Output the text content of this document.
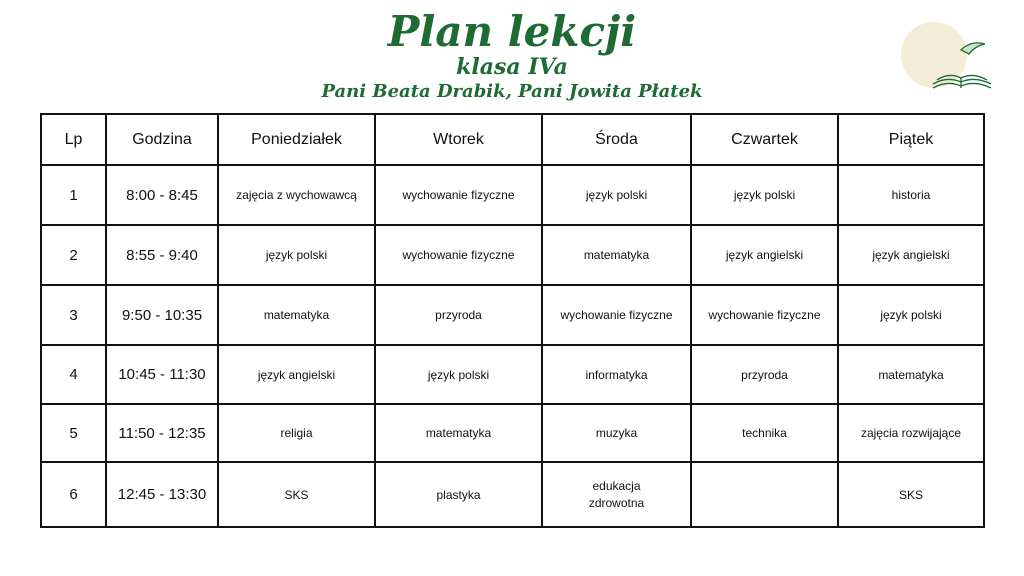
Plan lekcji
klasa IVa
Pani Beata Drabik, Pani Jowita Płatek
Lp	Godzina	Poniedziałek	Wtorek	Środa	Czwartek	Piątek
1	8:00 - 8:45	zajęcia z wychowawcą	wychowanie fizyczne	język polski	język polski	historia
2	8:55 - 9:40	język polski	wychowanie fizyczne	matematyka	język angielski	język angielski
3	9:50 - 10:35	matematyka	przyroda	wychowanie fizyczne	wychowanie fizyczne	język polski
4	10:45 - 11:30	język angielski	język polski	informatyka	przyroda	matematyka
5	11:50 - 12:35	religia	matematyka	muzyka	technika	zajęcia rozwijające
6	12:45 - 13:30	SKS	plastyka	edukacja zdrowotna		SKS
